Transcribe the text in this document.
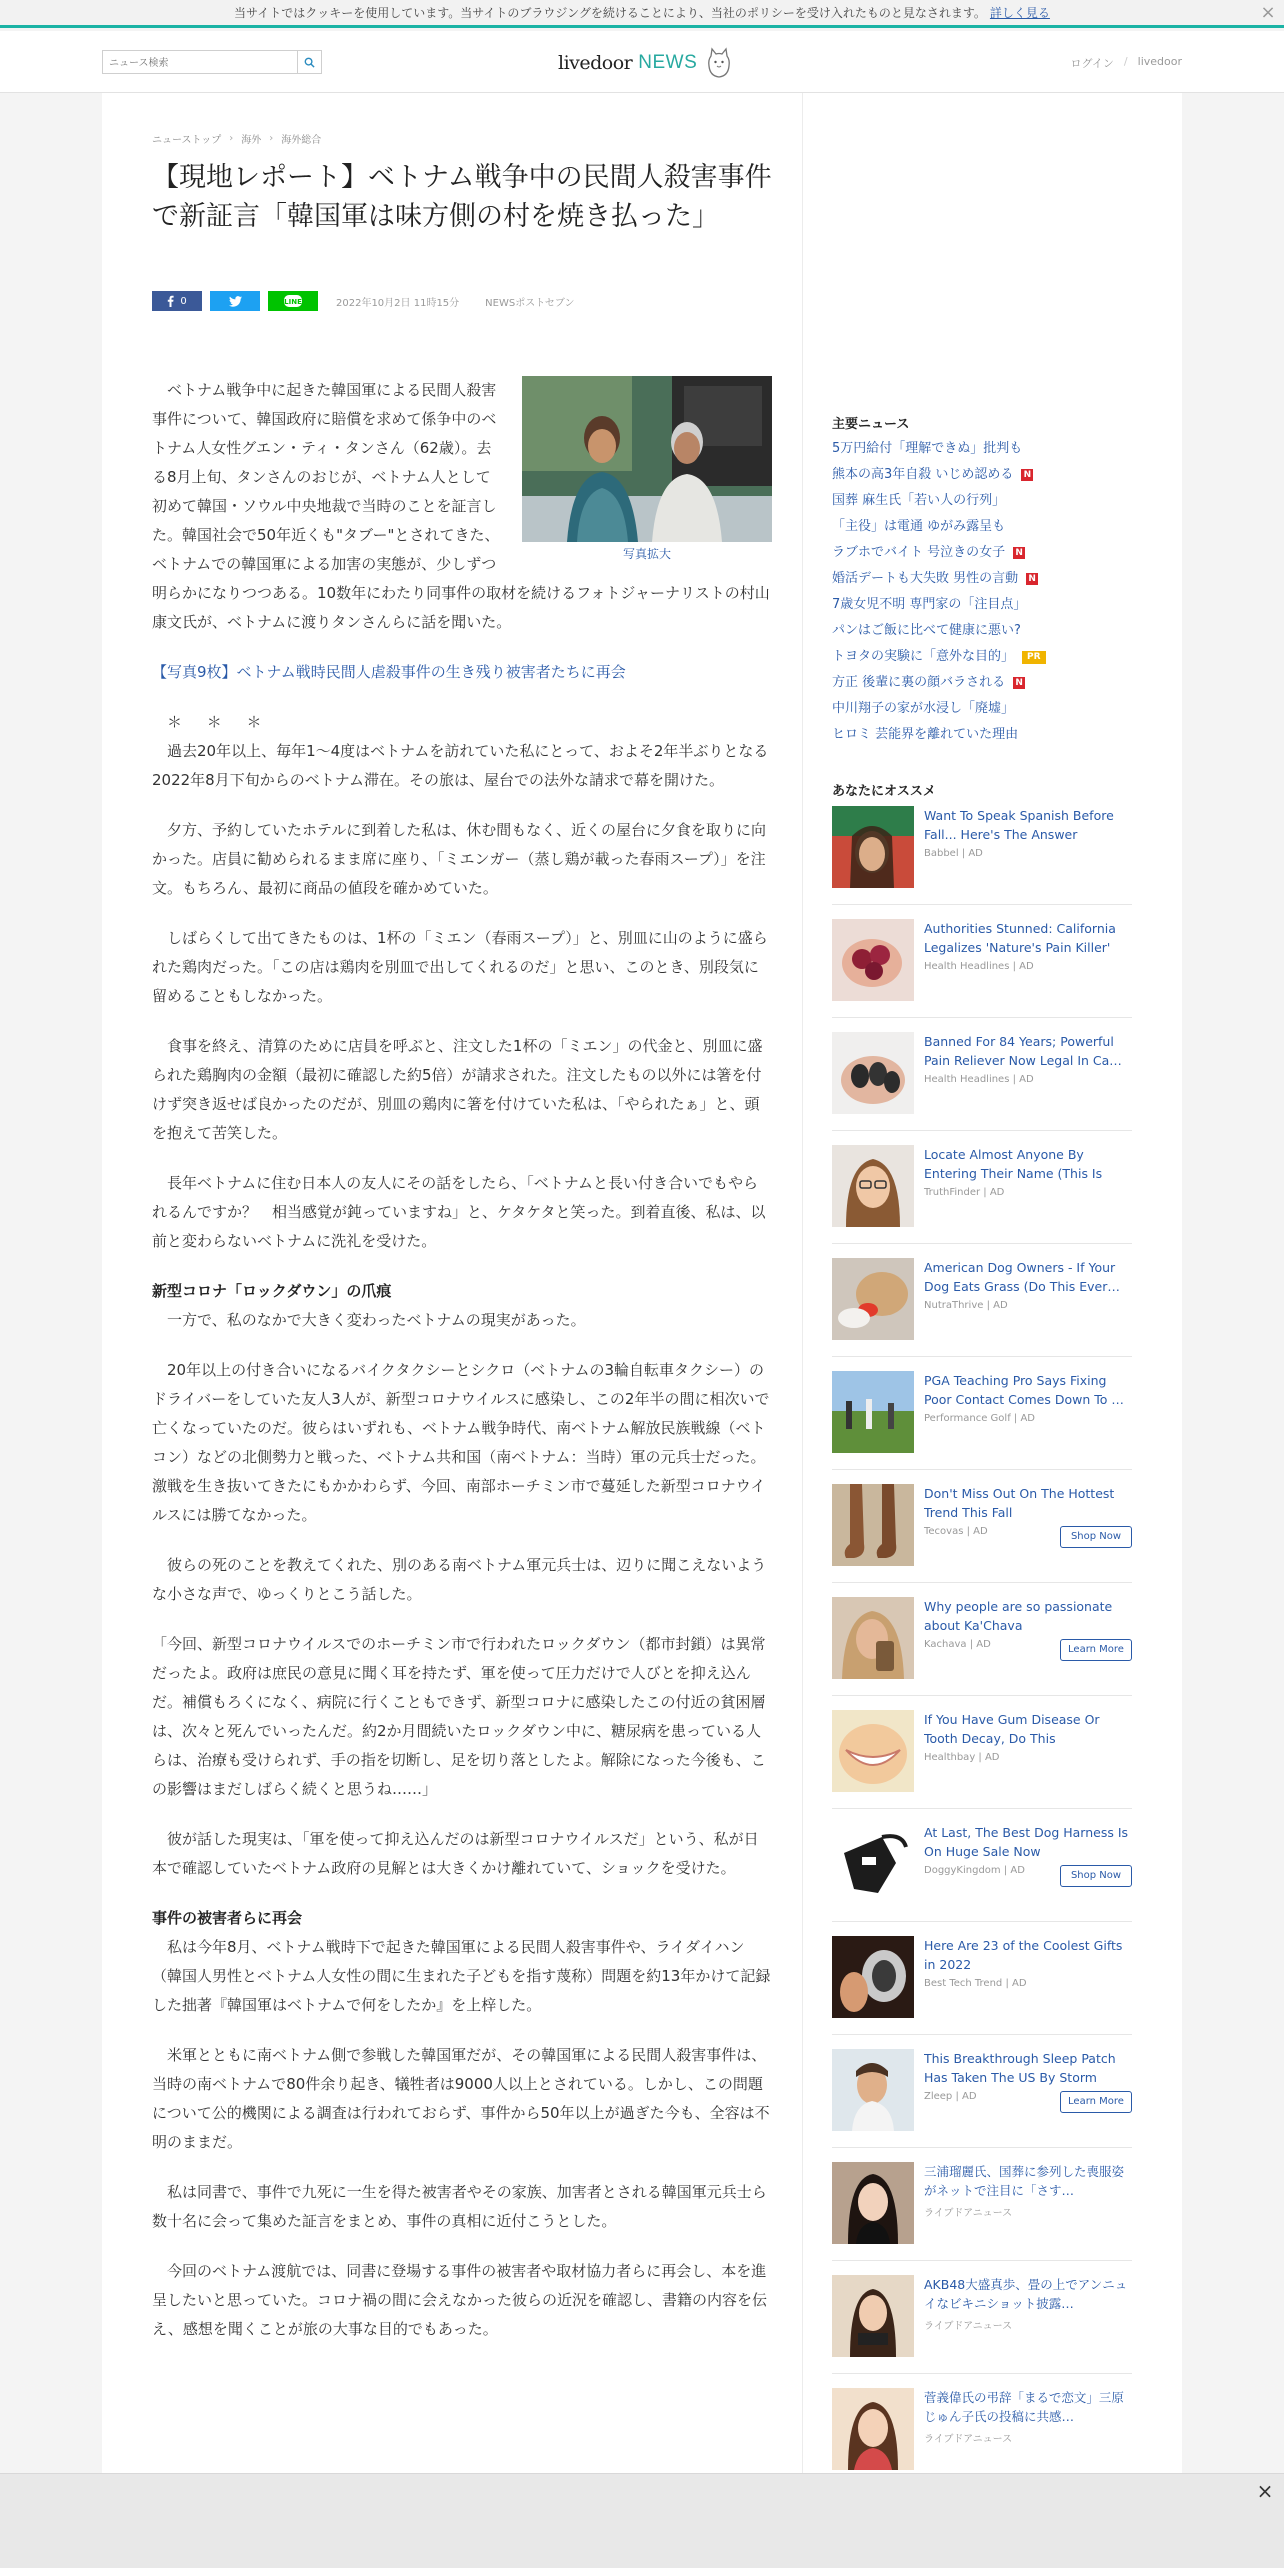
当サイトではクッキーを使用しています。当サイトのブラウジングを続けることにより、当社のポリシーを受け入れたものと見なされます。 詳しく見る	×
ニュース検索
livedoor NEWS	ログイン / livedoor
ニューストップ › 海外 › 海外総合
【現地レポート】ベトナム戦争中の民間人殺害事件で新証言「韓国軍は味方側の村を焼き払った」
0	LINE	2022年10月2日 11時15分	NEWSポストセブン
写真拡大

ベトナム戦争中に起きた韓国軍による民間人殺害事件について、韓国政府に賠償を求めて係争中のベトナム人女性グエン・ティ・タンさん（62歳）。去る8月上旬、タンさんのおじが、ベトナム人として初めて韓国・ソウル中央地裁で当時のことを証言した。韓国社会で50年近くも"タブー"とされてきた、ベトナムでの韓国軍による加害の実態が、少しずつ明らかになりつつある。10数年にわたり同事件の取材を続けるフォトジャーナリストの村山康文氏が、ベトナムに渡りタンさんらに話を聞いた。

【写真9枚】ベトナム戦時民間人虐殺事件の生き残り被害者たちに再会

＊ ＊ ＊

過去20年以上、毎年1～4度はベトナムを訪れていた私にとって、およそ2年半ぶりとなる2022年8月下旬からのベトナム滞在。その旅は、屋台での法外な請求で幕を開けた。

夕方、予約していたホテルに到着した私は、休む間もなく、近くの屋台に夕食を取りに向かった。店員に勧められるまま席に座り、「ミエンガー（蒸し鶏が載った春雨スープ）」を注文。もちろん、最初に商品の値段を確かめていた。

しばらくして出てきたものは、1杯の「ミエン（春雨スープ）」と、別皿に山のように盛られた鶏肉だった。「この店は鶏肉を別皿で出してくれるのだ」と思い、このとき、別段気に留めることもしなかった。

食事を終え、清算のために店員を呼ぶと、注文した1杯の「ミエン」の代金と、別皿に盛られた鶏胸肉の金額（最初に確認した約5倍）が請求された。注文したもの以外には箸を付けず突き返せば良かったのだが、別皿の鶏肉に箸を付けていた私は、「やられたぁ」と、頭を抱えて苦笑した。

長年ベトナムに住む日本人の友人にその話をしたら、「ベトナムと長い付き合いでもやられるんですか？　相当感覚が鈍っていますね」と、ケタケタと笑った。到着直後、私は、以前と変わらないベトナムに洗礼を受けた。

新型コロナ「ロックダウン」の爪痕

一方で、私のなかで大きく変わったベトナムの現実があった。

20年以上の付き合いになるバイクタクシーとシクロ（ベトナムの3輪自転車タクシー）のドライバーをしていた友人3人が、新型コロナウイルスに感染し、この2年半の間に相次いで亡くなっていたのだ。彼らはいずれも、ベトナム戦争時代、南ベトナム解放民族戦線（ベトコン）などの北側勢力と戦った、ベトナム共和国（南ベトナム：当時）軍の元兵士だった。激戦を生き抜いてきたにもかかわらず、今回、南部ホーチミン市で蔓延した新型コロナウイルスには勝てなかった。

彼らの死のことを教えてくれた、別のある南ベトナム軍元兵士は、辺りに聞こえないような小さな声で、ゆっくりとこう話した。

「今回、新型コロナウイルスでのホーチミン市で行われたロックダウン（都市封鎖）は異常だったよ。政府は庶民の意見に聞く耳を持たず、軍を使って圧力だけで人びとを抑え込んだ。補償もろくになく、病院に行くこともできず、新型コロナに感染したこの付近の貧困層は、次々と死んでいったんだ。約2か月間続いたロックダウン中に、糖尿病を患っている人らは、治療も受けられず、手の指を切断し、足を切り落としたよ。解除になった今後も、この影響はまだしばらく続くと思うね……」

彼が話した現実は、「軍を使って抑え込んだのは新型コロナウイルスだ」という、私が日本で確認していたベトナム政府の見解とは大きくかけ離れていて、ショックを受けた。

事件の被害者らに再会

私は今年8月、ベトナム戦時下で起きた韓国軍による民間人殺害事件や、ライダイハン（韓国人男性とベトナム人女性の間に生まれた子どもを指す蔑称）問題を約13年かけて記録した拙著『韓国軍はベトナムで何をしたか』を上梓した。

米軍とともに南ベトナム側で参戦した韓国軍だが、その韓国軍による民間人殺害事件は、当時の南ベトナムで80件余り起き、犠牲者は9000人以上とされている。しかし、この問題について公的機関による調査は行われておらず、事件から50年以上が過ぎた今も、全容は不明のままだ。

私は同書で、事件で九死に一生を得た被害者やその家族、加害者とされる韓国軍元兵士ら数十名に会って集めた証言をまとめ、事件の真相に近付こうとした。

今回のベトナム渡航では、同書に登場する事件の被害者や取材協力者らに再会し、本を進呈したいと思っていた。コロナ禍の間に会えなかった彼らの近況を確認し、書籍の内容を伝え、感想を聞くことが旅の大事な目的でもあった。

主要ニュース
5万円給付「理解できぬ」批判も
熊本の高3年自殺 いじめ認める N
国葬 麻生氏「若い人の行列」
「主役」は電通 ゆがみ露呈も
ラブホでバイト 号泣きの女子 N
婚活デートも大失敗 男性の言動 N
7歳女児不明 専門家の「注目点」
パンはご飯に比べて健康に悪い?
トヨタの実験に「意外な目的」	PR
方正 後輩に裏の顔バラされる N
中川翔子の家が水浸し「廃墟」
ヒロミ 芸能界を離れていた理由
あなたにオススメ
Want To Speak Spanish Before Fall... Here's The Answer
Babbel | AD
Authorities Stunned: California Legalizes 'Nature's Pain Killer'
Health Headlines | AD
Banned For 84 Years; Powerful Pain Reliever Now Legal In Ca…
Health Headlines | AD
Locate Almost Anyone By Entering Their Name (This Is
TruthFinder | AD
American Dog Owners - If Your Dog Eats Grass (Do This Ever…
NutraThrive | AD
PGA Teaching Pro Says Fixing Poor Contact Comes Down To …
Performance Golf | AD
Don't Miss Out On The Hottest Trend This Fall
Tecovas | AD	Shop Now
Why people are so passionate about Ka'Chava
Kachava | AD	Learn More
If You Have Gum Disease Or Tooth Decay, Do This
Healthbay | AD
At Last, The Best Dog Harness Is On Huge Sale Now
DoggyKingdom | AD	Shop Now
Here Are 23 of the Coolest Gifts in 2022
Best Tech Trend | AD
This Breakthrough Sleep Patch Has Taken The US By Storm
Zleep | AD	Learn More
三浦瑠麗氏、国葬に参列した喪服姿がネットで注目に「さす…
ライブドアニュース
AKB48大盛真歩、畳の上でアンニュイなビキニショット披露…
ライブドアニュース
菅義偉氏の弔辞「まるで恋文」三原じゅん子氏の投稿に共感…
ライブドアニュース
×
